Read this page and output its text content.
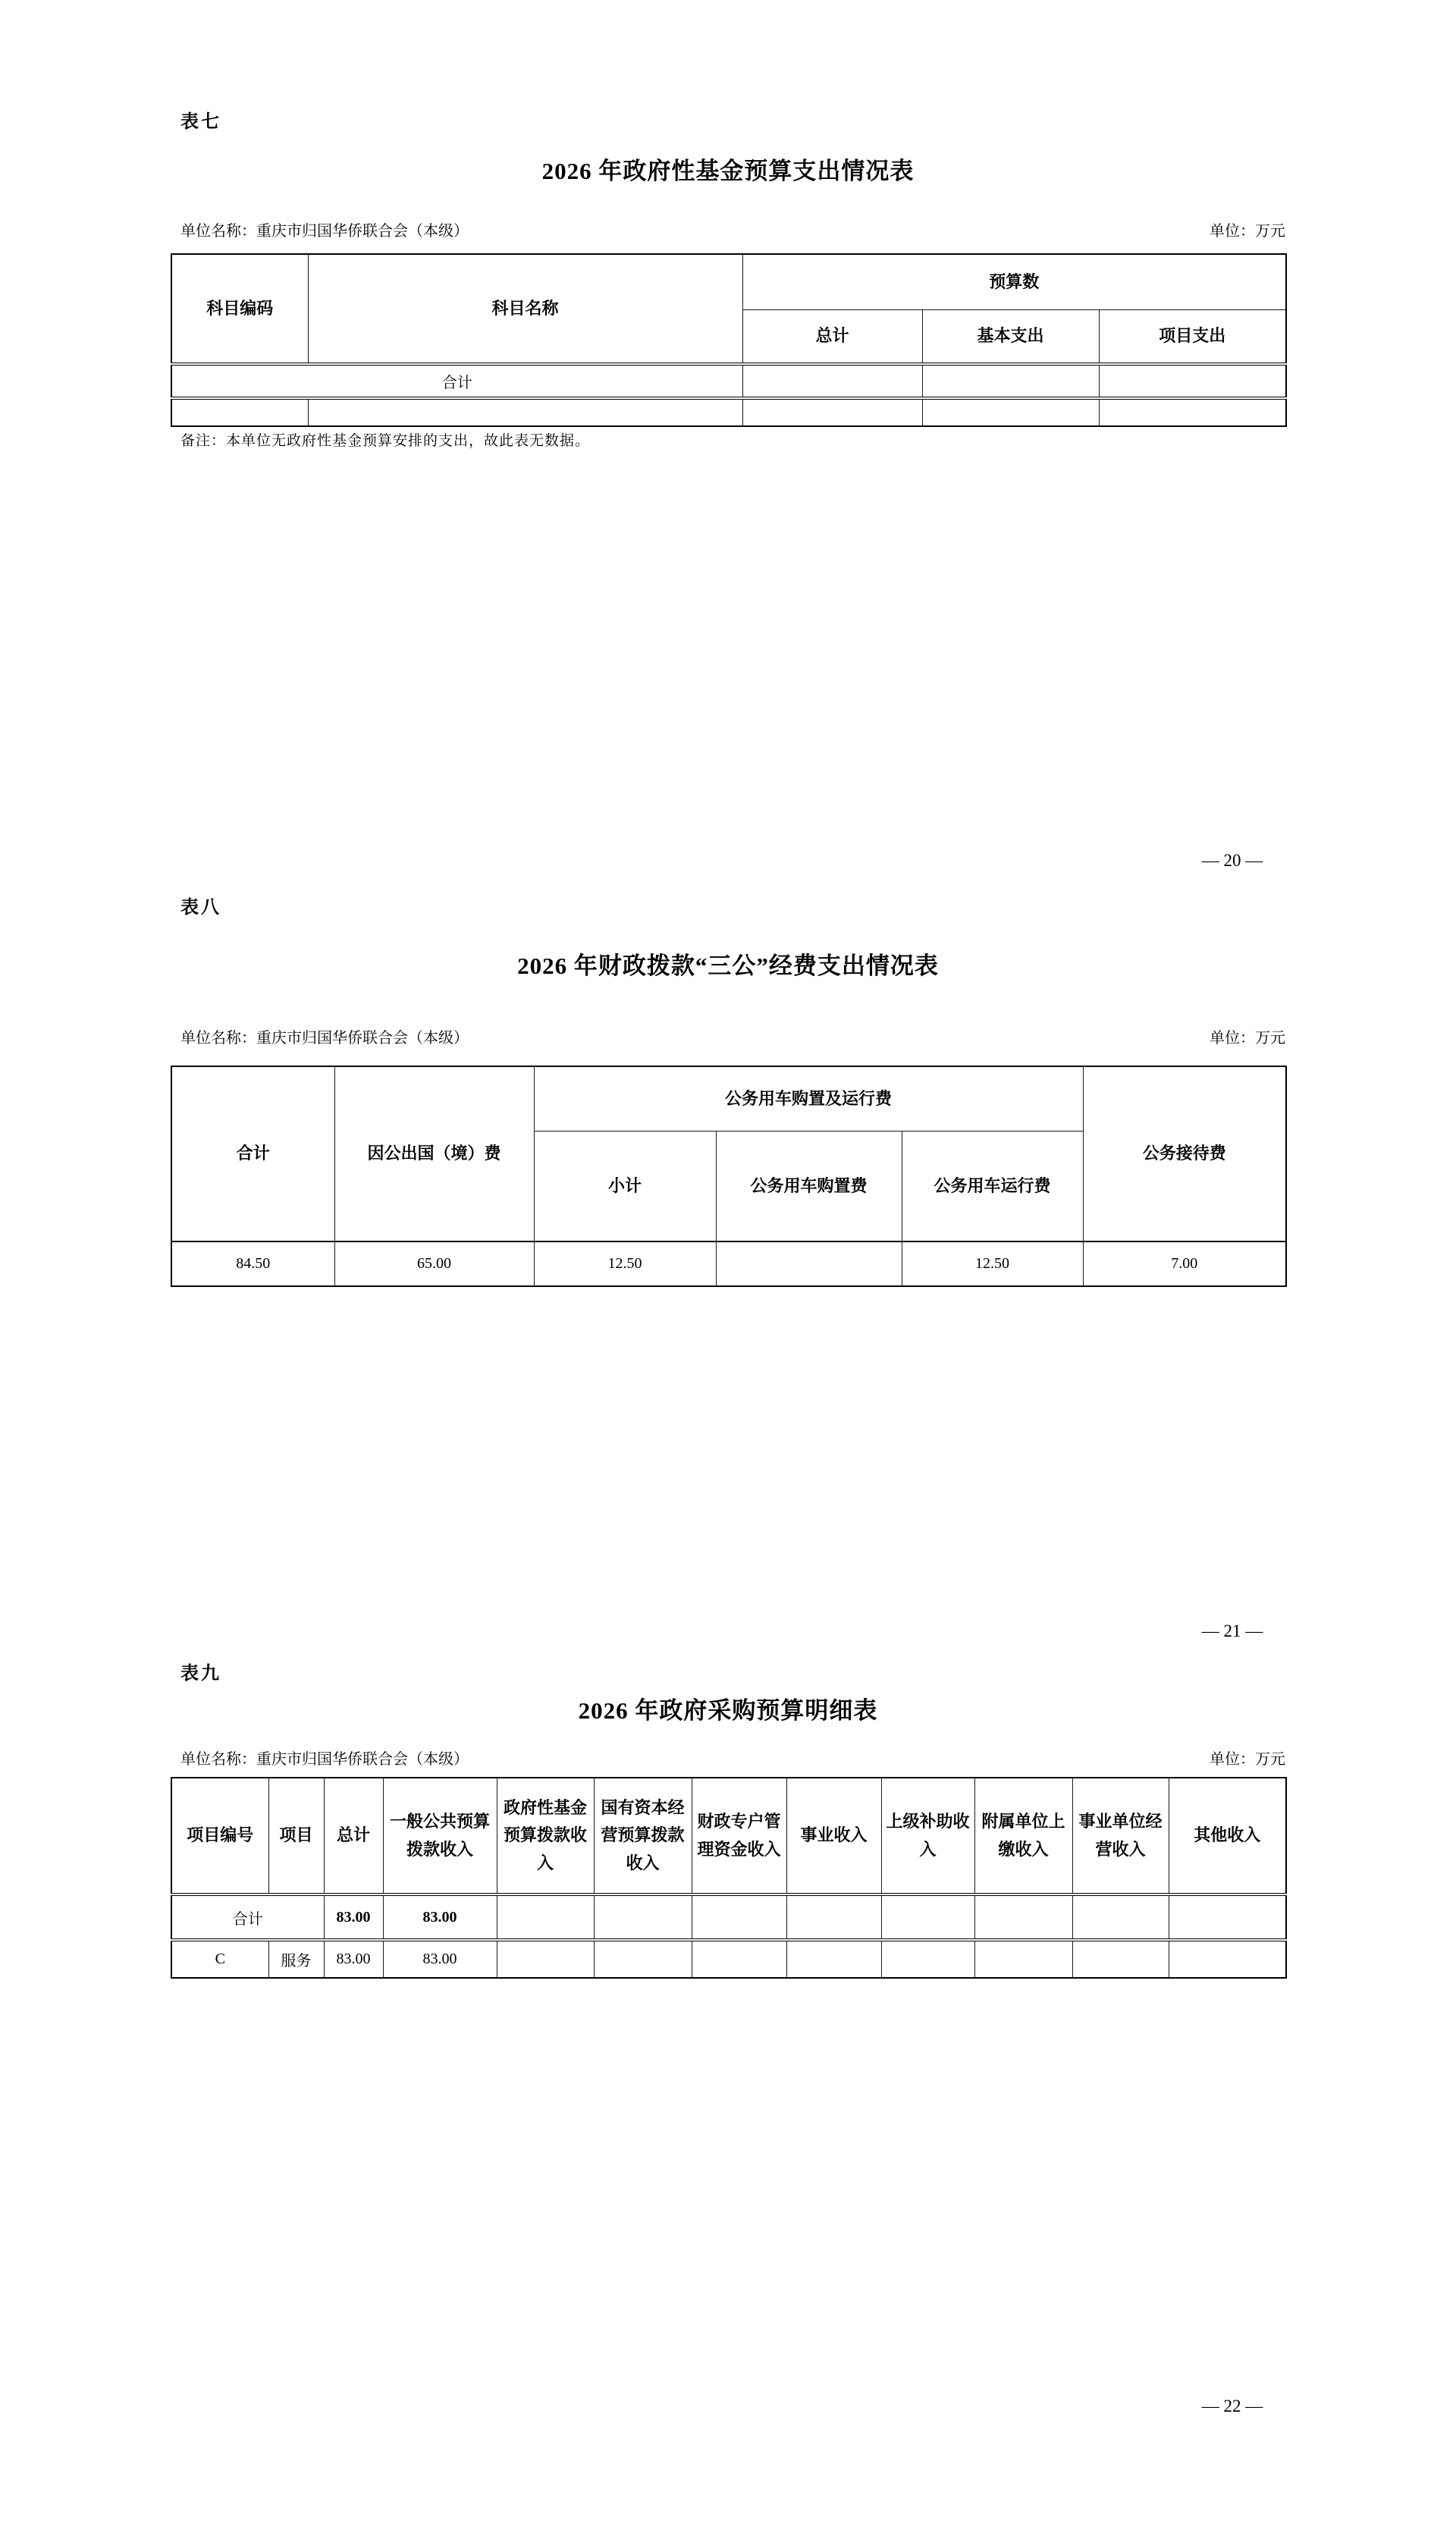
表七
2026 年政府性基金预算支出情况表
单位名称：重庆市归国华侨联合会（本级）	单位：万元
科目编码	科目名称	预算数		
		总计	基本支出	项目支出
合计				

备注：本单位无政府性基金预算安排的支出，故此表无数据。
— 20 —
表八
2026 年财政拨款“三公”经费支出情况表
单位名称：重庆市归国华侨联合会（本级）	单位：万元
合计	因公出国（境）费	公务用车购置及运行费			公务接待费
		小计	公务用车购置费	公务用车运行费	
84.50	65.00	12.50		12.50	7.00
— 21 —
表九
2026 年政府采购预算明细表
单位名称：重庆市归国华侨联合会（本级）	单位：万元
项目编号	项目	总计	一般公共预算拨款收入	政府性基金预算拨款收入	国有资本经营预算拨款收入	财政专户管理资金收入	事业收入	上级补助收入	附属单位上缴收入	事业单位经营收入	其他收入
合计		83.00	83.00								
C	服务	83.00	83.00								
— 22 —
